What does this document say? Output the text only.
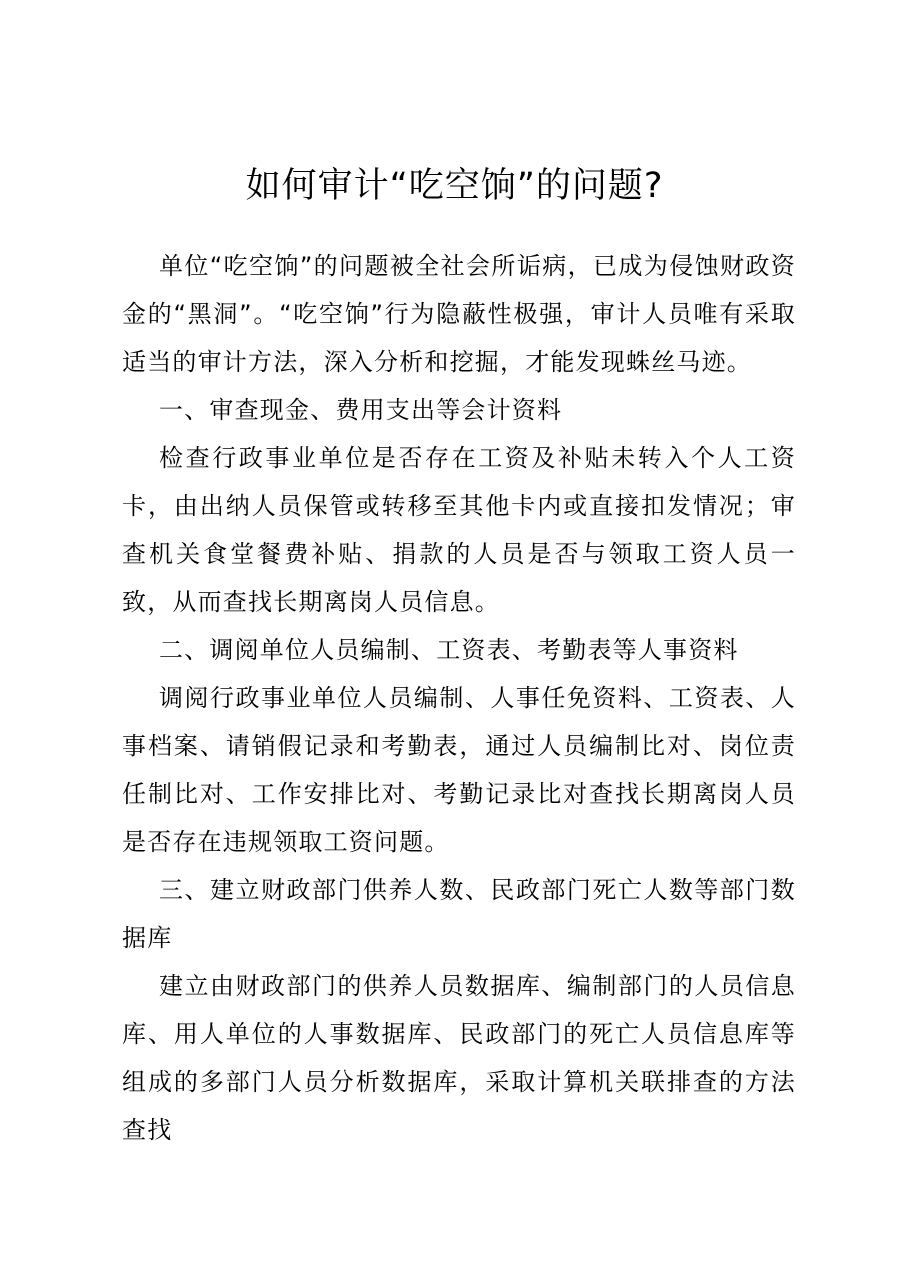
如何审计“吃空饷”的问题?

单位“吃空饷”的问题被全社会所诟病，已成为侵蚀财政资金的“黑洞”。“吃空饷”行为隐蔽性极强，审计人员唯有采取适当的审计方法，深入分析和挖掘，才能发现蛛丝马迹。

一、审查现金、费用支出等会计资料

检查行政事业单位是否存在工资及补贴未转入个人工资卡，由出纳人员保管或转移至其他卡内或直接扣发情况；审查机关食堂餐费补贴、捐款的人员是否与领取工资人员一致，从而查找长期离岗人员信息。

二、调阅单位人员编制、工资表、考勤表等人事资料

调阅行政事业单位人员编制、人事任免资料、工资表、人事档案、请销假记录和考勤表，通过人员编制比对、岗位责任制比对、工作安排比对、考勤记录比对查找长期离岗人员是否存在违规领取工资问题。

三、建立财政部门供养人数、民政部门死亡人数等部门数据库

建立由财政部门的供养人员数据库、编制部门的人员信息库、用人单位的人事数据库、民政部门的死亡人员信息库等组成的多部门人员分析数据库，采取计算机关联排查的方法查找
